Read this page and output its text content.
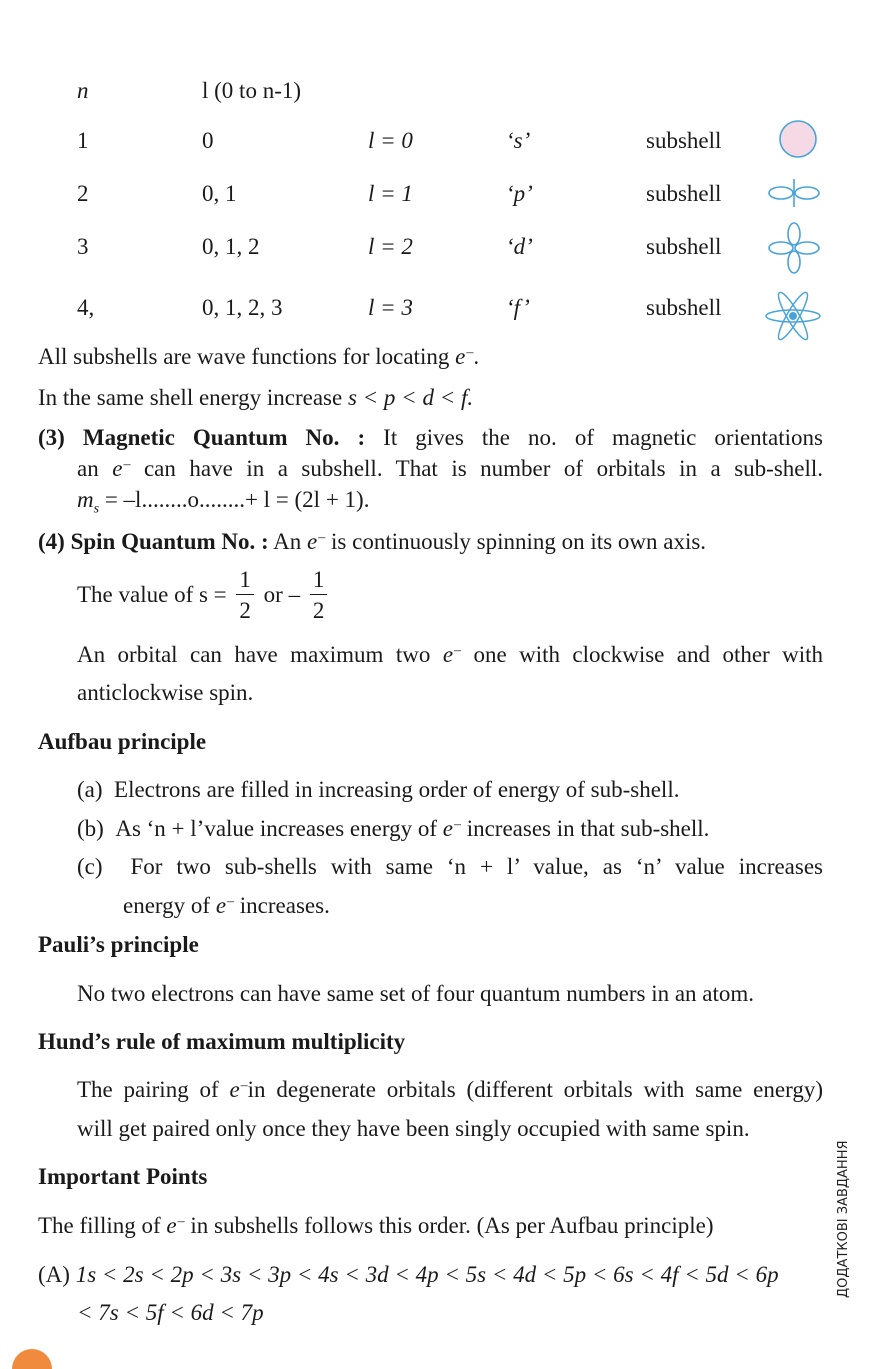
n	l (0 to n-1)
1	0	l = 0	‘s’	subshell
2	0, 1	l = 1	‘p’	subshell
3	0, 1, 2	l = 2	‘d’	subshell
4,	0, 1, 2, 3	l = 3	‘f’	subshell
All subshells are wave functions for locating e–.
In the same shell energy increase s < p < d < f.
(3) Magnetic Quantum No. : It gives the no. of magnetic orientations
an e– can have in a subshell. That is number of orbitals in a sub-shell.
$m_s = -l........o........+ l = (2l + 1)$.
(4) Spin Quantum No. : An e– is continuously spinning on its own axis.
The value of $s = \frac{1}{2}$ or – $\frac{1}{2}$
An orbital can have maximum two e– one with clockwise and other with
anticlockwise spin.
Aufbau principle
(a) Electrons are filled in increasing order of energy of sub-shell.
(b) As ‘n + l’value increases energy of e– increases in that sub-shell.
(c) For two sub-shells with same ‘n + l’ value, as ‘n’ value increases
energy of e– increases.
Pauli’s principle
No two electrons can have same set of four quantum numbers in an atom.
Hund’s rule of maximum multiplicity
The pairing of e–in degenerate orbitals (different orbitals with same energy)
will get paired only once they have been singly occupied with same spin.
Important Points
The filling of e– in subshells follows this order. (As per Aufbau principle)
(A) 1s < 2s < 2p < 3s < 3p < 4s < 3d < 4p < 5s < 4d < 5p < 6s < 4f < 5d < 6p
< 7s < 5f < 6d < 7p
ДОДАТКОВІ ЗАВДАННЯ
